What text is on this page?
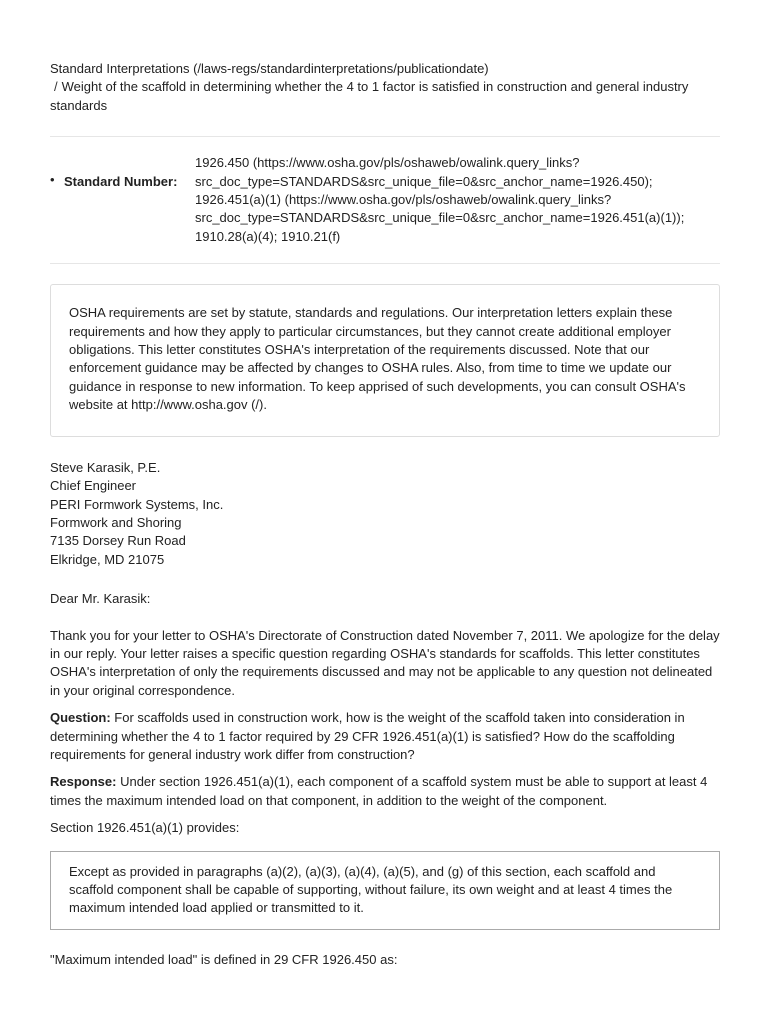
Standard Interpretations (/laws-regs/standardinterpretations/publicationdate)
/ Weight of the scaffold in determining whether the 4 to 1 factor is satisfied in construction and general industry standards
• Standard Number:
1926.450 (https://www.osha.gov/pls/oshaweb/owalink.query_links?
src_doc_type=STANDARDS&src_unique_file=0&src_anchor_name=1926.450);
1926.451(a)(1) (https://www.osha.gov/pls/oshaweb/owalink.query_links?
src_doc_type=STANDARDS&src_unique_file=0&src_anchor_name=1926.451(a)(1));
1910.28(a)(4); 1910.21(f)
OSHA requirements are set by statute, standards and regulations. Our interpretation letters explain these requirements and how they apply to particular circumstances, but they cannot create additional employer obligations. This letter constitutes OSHA's interpretation of the requirements discussed. Note that our enforcement guidance may be affected by changes to OSHA rules. Also, from time to time we update our guidance in response to new information. To keep apprised of such developments, you can consult OSHA's website at http://www.osha.gov (/).
Steve Karasik, P.E.
Chief Engineer
PERI Formwork Systems, Inc.
Formwork and Shoring
7135 Dorsey Run Road
Elkridge, MD 21075

Dear Mr. Karasik:

Thank you for your letter to OSHA's Directorate of Construction dated November 7, 2011. We apologize for the delay in our reply. Your letter raises a specific question regarding OSHA's standards for scaffolds. This letter constitutes OSHA's interpretation of only the requirements discussed and may not be applicable to any question not delineated in your original correspondence.

Question: For scaffolds used in construction work, how is the weight of the scaffold taken into consideration in determining whether the 4 to 1 factor required by 29 CFR 1926.451(a)(1) is satisfied? How do the scaffolding requirements for general industry work differ from construction?

Response: Under section 1926.451(a)(1), each component of a scaffold system must be able to support at least 4 times the maximum intended load on that component, in addition to the weight of the component.

Section 1926.451(a)(1) provides:

Except as provided in paragraphs (a)(2), (a)(3), (a)(4), (a)(5), and (g) of this section, each scaffold and scaffold component shall be capable of supporting, without failure, its own weight and at least 4 times the maximum intended load applied or transmitted to it.

"Maximum intended load" is defined in 29 CFR 1926.450 as:
